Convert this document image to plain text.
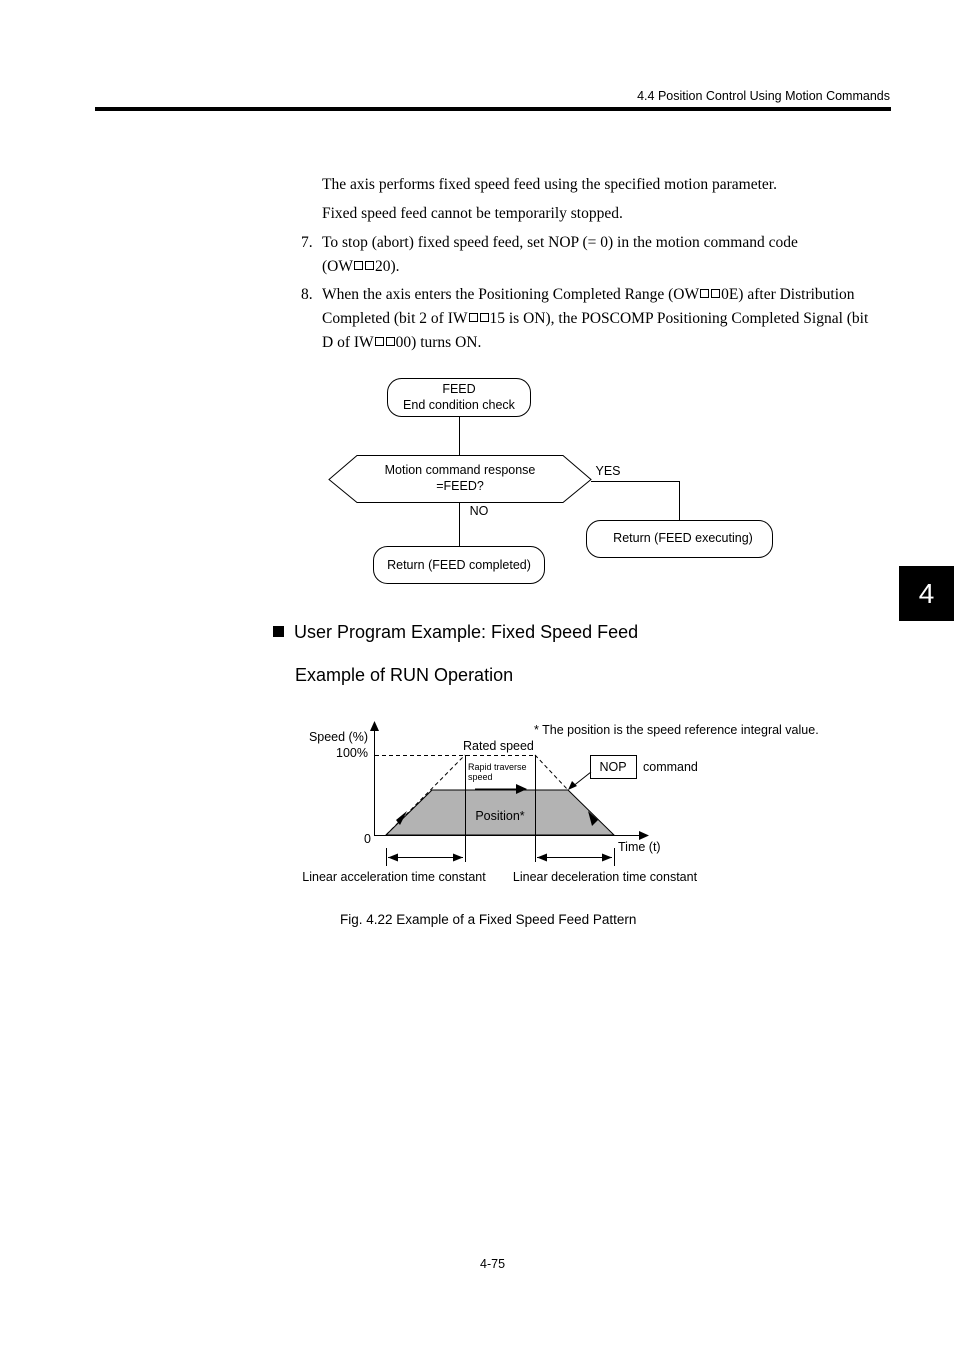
4.4 Position Control Using Motion Commands
4
The axis performs fixed speed feed using the specified motion parameter.
Fixed speed feed cannot be temporarily stopped.
7. To stop (abort) fixed speed feed, set NOP (= 0) in the motion command code
(OW 20).
8. When the axis enters the Positioning Completed Range (OW 0E) after Distribution
Completed (bit 2 of IW 15 is ON), the POSCOMP Positioning Completed Signal (bit
D of IW 00) turns ON.
FEED
End condition check
Motion command response
=FEED?
YES
NO
Return (FEED executing)
Return (FEED completed)
User Program Example: Fixed Speed Feed
Example of RUN Operation
Speed (%)
100%
0
Time (t)
Rated speed
Position*
NOP command
* The position is the speed reference integral value.
Linear acceleration time constant Linear deceleration time constant
Rapid traverse
speed
Fig. 4.22 Example of a Fixed Speed Feed Pattern
4-75
